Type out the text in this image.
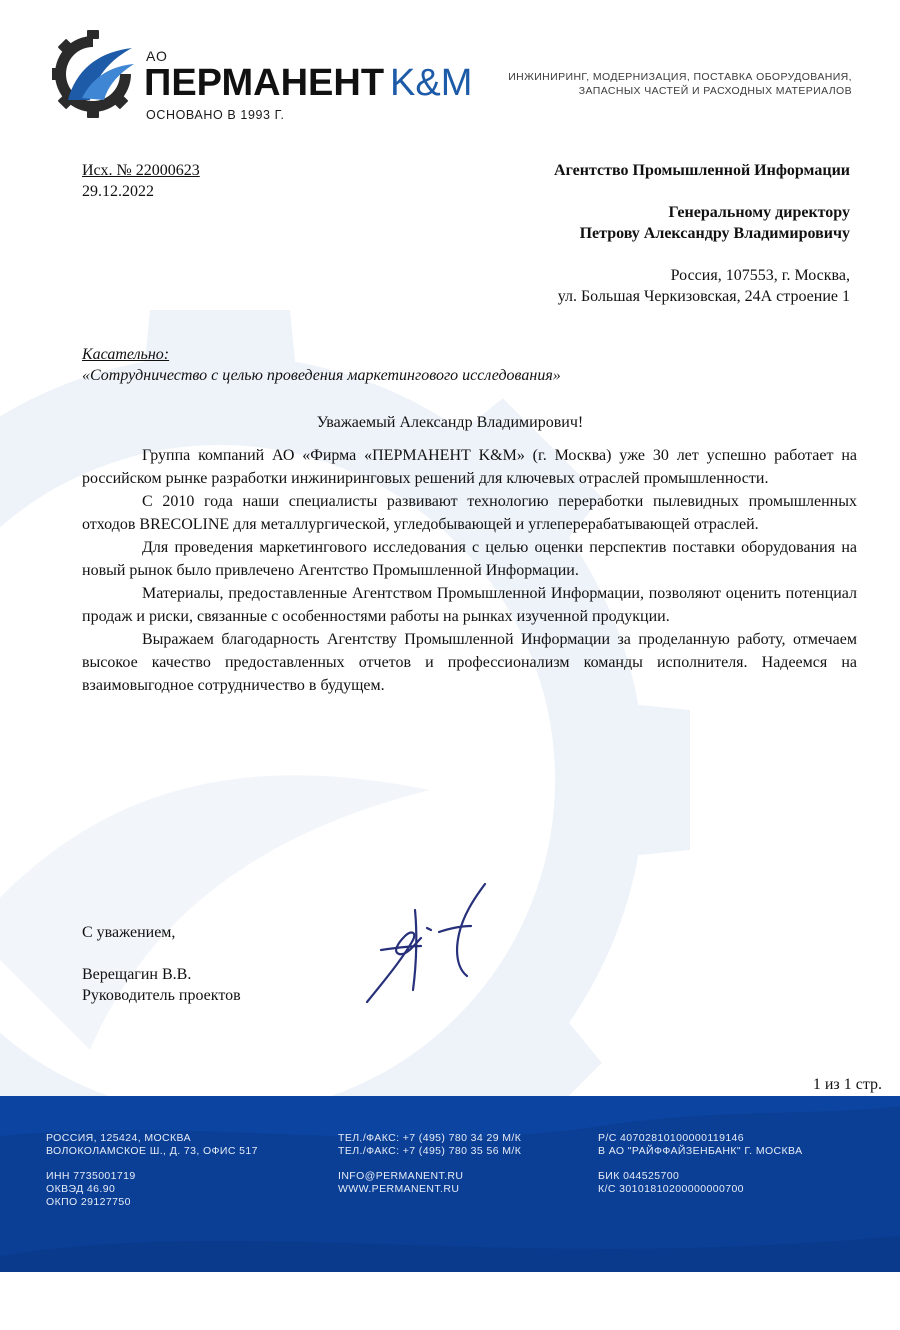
АО
ПЕРМАНЕНТ K&M
ОСНОВАНО В 1993 Г.
ИНЖИНИРИНГ, МОДЕРНИЗАЦИЯ, ПОСТАВКА ОБОРУДОВАНИЯ,
ЗАПАСНЫХ ЧАСТЕЙ И РАСХОДНЫХ МАТЕРИАЛОВ
Исх. № 22000623
29.12.2022
Агентство Промышленной Информации
Генеральному директору
Петрову Александру Владимировичу
Россия, 107553, г. Москва,
ул. Большая Черкизовская, 24А строение 1
Касательно:
«Сотрудничество с целью проведения маркетингового исследования»
Уважаемый Александр Владимирович!

Группа компаний АО «Фирма «ПЕРМАНЕНТ K&M» (г. Москва) уже 30 лет успешно работает на российском рынке разработки инжиниринговых решений для ключевых отраслей промышленности.

С 2010 года наши специалисты развивают технологию переработки пылевидных промышленных отходов BRECOLINE для металлургической, угледобывающей и углеперерабатывающей отраслей.

Для проведения маркетингового исследования с целью оценки перспектив поставки оборудования на новый рынок было привлечено Агентство Промышленной Информации.

Материалы, предоставленные Агентством Промышленной Информации, позволяют оценить потенциал продаж и риски, связанные с особенностями работы на рынках изученной продукции.

Выражаем благодарность Агентству Промышленной Информации за проделанную работу, отмечаем высокое качество предоставленных отчетов и профессионализм команды исполнителя. Надеемся на взаимовыгодное сотрудничество в будущем.

С уважением,
Верещагин В.В.
Руководитель проектов
1 из 1 стр.
РОССИЯ, 125424, МОСКВА
ВОЛОКОЛАМСКОЕ Ш., Д. 73, ОФИС 517
ИНН 7735001719
ОКВЭД 46.90
ОКПО 29127750
ТЕЛ./ФАКС: +7 (495) 780 34 29 М/К
ТЕЛ./ФАКС: +7 (495) 780 35 56 М/К
INFO@PERMANENT.RU
WWW.PERMANENT.RU
Р/С 40702810100000119146
В АО "РАЙФФАЙЗЕНБАНК" Г. МОСКВА
БИК 044525700
К/С 30101810200000000700
